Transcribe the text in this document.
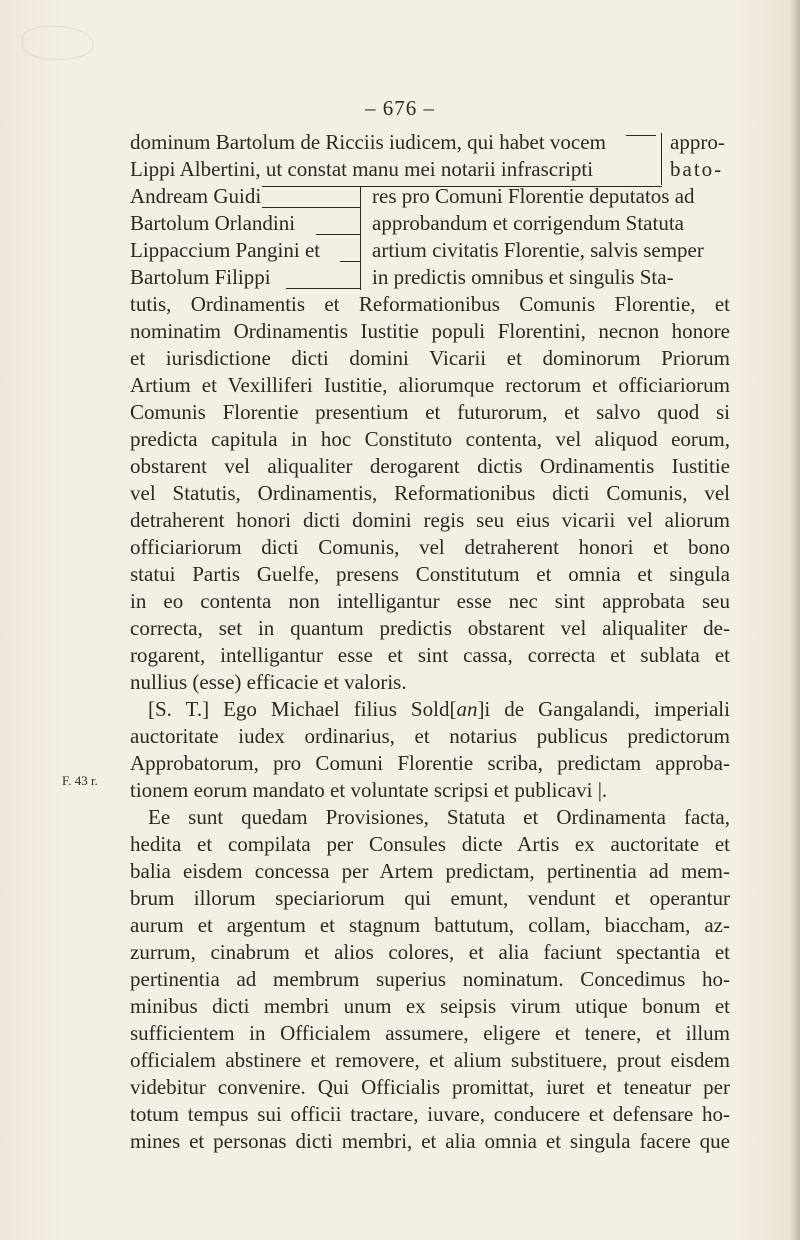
– 676 –
dominum Bartolum de Ricciis iudicem, qui habet vocem
Lippi Albertini, ut constat manu mei notarii infrascripti
appro-
bato-
Andream Guidi
Bartolum Orlandini
Lippaccium Pangini et
Bartolum Filippi
res pro Comuni Florentie deputatos ad
approbandum et corrigendum Statuta
artium civitatis Florentie, salvis semper
in predictis omnibus et singulis Sta-
tutis, Ordinamentis et Reformationibus Comunis Florentie, et
nominatim Ordinamentis Iustitie populi Florentini, necnon honore
et iurisdictione dicti domini Vicarii et dominorum Priorum
Artium et Vexilliferi Iustitie, aliorumque rectorum et officiariorum
Comunis Florentie presentium et futurorum, et salvo quod si
predicta capitula in hoc Constituto contenta, vel aliquod eorum,
obstarent vel aliqualiter derogarent dictis Ordinamentis Iustitie
vel Statutis, Ordinamentis, Reformationibus dicti Comunis, vel
detraherent honori dicti domini regis seu eius vicarii vel aliorum
officiariorum dicti Comunis, vel detraherent honori et bono
statui Partis Guelfe, presens Constitutum et omnia et singula
in eo contenta non intelligantur esse nec sint approbata seu
correcta, set in quantum predictis obstarent vel aliqualiter de-
rogarent, intelligantur esse et sint cassa, correcta et sublata et
nullius (esse) efficacie et valoris.
[S. T.] Ego Michael filius Sold[an]i de Gangalandi, imperiali
auctoritate iudex ordinarius, et notarius publicus predictorum
Approbatorum, pro Comuni Florentie scriba, predictam approba-
F. 43 r. tionem eorum mandato et voluntate scripsi et publicavi |.
Ee sunt quedam Provisiones, Statuta et Ordinamenta facta,
hedita et compilata per Consules dicte Artis ex auctoritate et
balia eisdem concessa per Artem predictam, pertinentia ad mem-
brum illorum speciariorum qui emunt, vendunt et operantur
aurum et argentum et stagnum battutum, collam, biaccham, az-
zurrum, cinabrum et alios colores, et alia faciunt spectantia et
pertinentia ad membrum superius nominatum. Concedimus ho-
minibus dicti membri unum ex seipsis virum utique bonum et
sufficientem in Officialem assumere, eligere et tenere, et illum
officialem abstinere et removere, et alium substituere, prout eisdem
videbitur convenire. Qui Officialis promittat, iuret et teneatur per
totum tempus sui officii tractare, iuvare, conducere et defensare ho-
mines et personas dicti membri, et alia omnia et singula facere que
